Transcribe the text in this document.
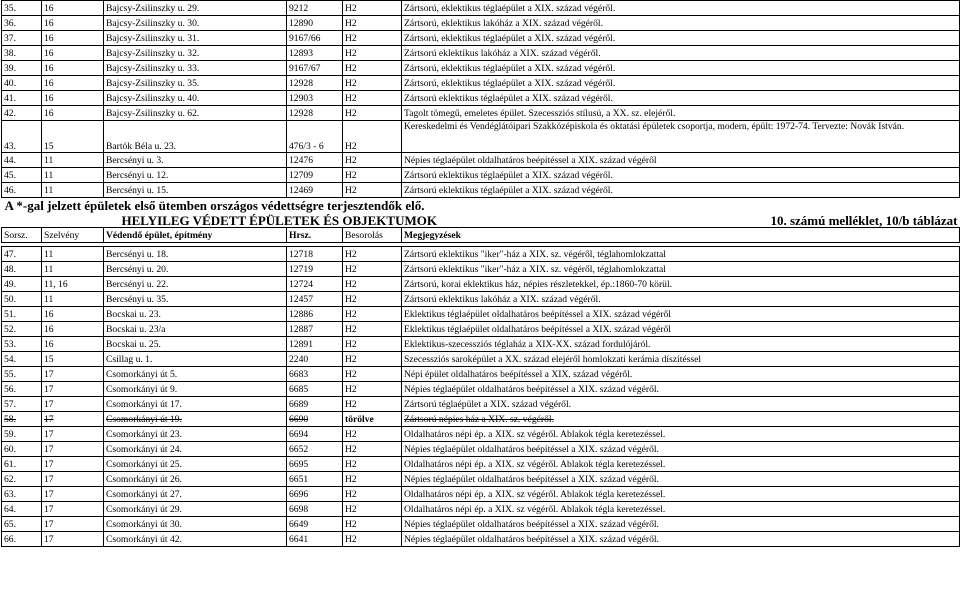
35.	16	Bajcsy-Zsilinszky u. 29.	9212	H2	Zártsorú, eklektikus téglaépület a XIX. század végéről.
36.	16	Bajcsy-Zsilinszky u. 30.	12890	H2	Zártsorú, eklektikus lakóház a XIX. század végéről.
37.	16	Bajcsy-Zsilinszky u. 31.	9167/66	H2	Zártsorú, eklektikus téglaépület a XIX. század végéről.
38.	16	Bajcsy-Zsilinszky u. 32.	12893	H2	Zártsorú eklektikus lakóház a XIX. század végéről.
39.	16	Bajcsy-Zsilinszky u. 33.	9167/67	H2	Zártsorú, eklektikus téglaépület a XIX. század végéről.
40.	16	Bajcsy-Zsilinszky u. 35.	12928	H2	Zártsorú, eklektikus téglaépület a XIX. század végéről.
41.	16	Bajcsy-Zsilinszky u. 40.	12903	H2	Zártsorú eklektikus téglaépület a XIX. század végéről.
42.	16	Bajcsy-Zsilinszky u. 62.	12928	H2	Tagolt tömegű, emeletes épület. Szecessziós stílusú, a XX. sz. elejéről.
43.	15	Bartók Béla u. 23.	476/3 - 6	H2	Kereskedelmi és Vendéglátóipari Szakközépiskola és oktatási épületek csoportja, modern, épült: 1972-74. Tervezte: Novák István.
44.	11	Bercsényi u. 3.	12476	H2	Népies téglaépület oldalhatáros beépítéssel a XIX. század végéről
45.	11	Bercsényi u. 12.	12709	H2	Zártsorú eklektikus téglaépület a XIX. század végéről.
46.	11	Bercsényi u. 15.	12469	H2	Zártsorú eklektikus téglaépület a XIX. század végéről.
A *-gal jelzett épületek első ütemben országos védettségre terjesztendők elő.					
HELYILEG VÉDETT ÉPÜLETEK ÉS OBJEKTUMOK					10. számú melléklet, 10/b táblázat
Sorsz.	Szelvény	Védendő épület, építmény	Hrsz.	Besorolás	Megjegyzések

47.	11	Bercsényi u. 18.	12718	H2	Zártsorú eklektikus "iker"-ház a XIX. sz. végéről, téglahomlokzattal
48.	11	Bercsényi u. 20.	12719	H2	Zártsorú eklektikus "iker"-ház a XIX. sz. végéről, téglahomlokzattal
49.	11, 16	Bercsényi u. 22.	12724	H2	Zártsorú, korai eklektikus ház, népies részletekkel, ép.:1860-70 körül.
50.	11	Bercsényi u. 35.	12457	H2	Zártsorú eklektikus lakóház a XIX. század végéről.
51.	16	Bocskai u. 23.	12886	H2	Eklektikus téglaépület oldalhatáros beépítéssel a XIX. század végéről
52.	16	Bocskai u. 23/a	12887	H2	Eklektikus téglaépület oldalhatáros beépítéssel a XIX. század végéről
53.	16	Bocskai u. 25.	12891	H2	Eklektikus-szecessziós téglaház a XIX-XX. század fordulójáról.
54.	15	Csillag u. 1.	2240	H2	Szecessziós saroképület a XX. század elejéről homlokzati kerámia díszítéssel
55.	17	Csomorkányi út 5.	6683	H2	Népi épület oldalhatáros beépítéssel a XIX. század végéről.
56.	17	Csomorkányi út 9.	6685	H2	Népies téglaépület oldalhatáros beépítéssel a XIX. század végéről.
57.	17	Csomorkányi út 17.	6689	H2	Zártsorú téglaépület a XIX. század végéről.
58.	17	Csomorkányi út 19.	6690	törölve	Zártsorú népies ház a XIX. sz. végéről.
59.	17	Csomorkányi út 23.	6694	H2	Oldalhatáros népi ép. a XIX. sz végéről. Ablakok tégla keretezéssel.
60.	17	Csomorkányi út 24.	6652	H2	Népies téglaépület oldalhatáros beépítéssel a XIX. század végéről.
61.	17	Csomorkányi út 25.	6695	H2	Oldalhatáros népi ép. a XIX. sz végéről. Ablakok tégla keretezéssel.
62.	17	Csomorkányi út 26.	6651	H2	Népies téglaépület oldalhatáros beépítéssel a XIX. század végéről.
63.	17	Csomorkányi út 27.	6696	H2	Oldalhatáros népi ép. a XIX. sz végéről. Ablakok tégla keretezéssel.
64.	17	Csomorkányi út 29.	6698	H2	Oldalhatáros népi ép. a XIX. sz végéről. Ablakok tégla keretezéssel.
65.	17	Csomorkányi út 30.	6649	H2	Népies téglaépület oldalhatáros beépítéssel a XIX. század végéről.
66.	17	Csomorkányi út 42.	6641	H2	Népies téglaépület oldalhatáros beépítéssel a XIX. század végéről.
